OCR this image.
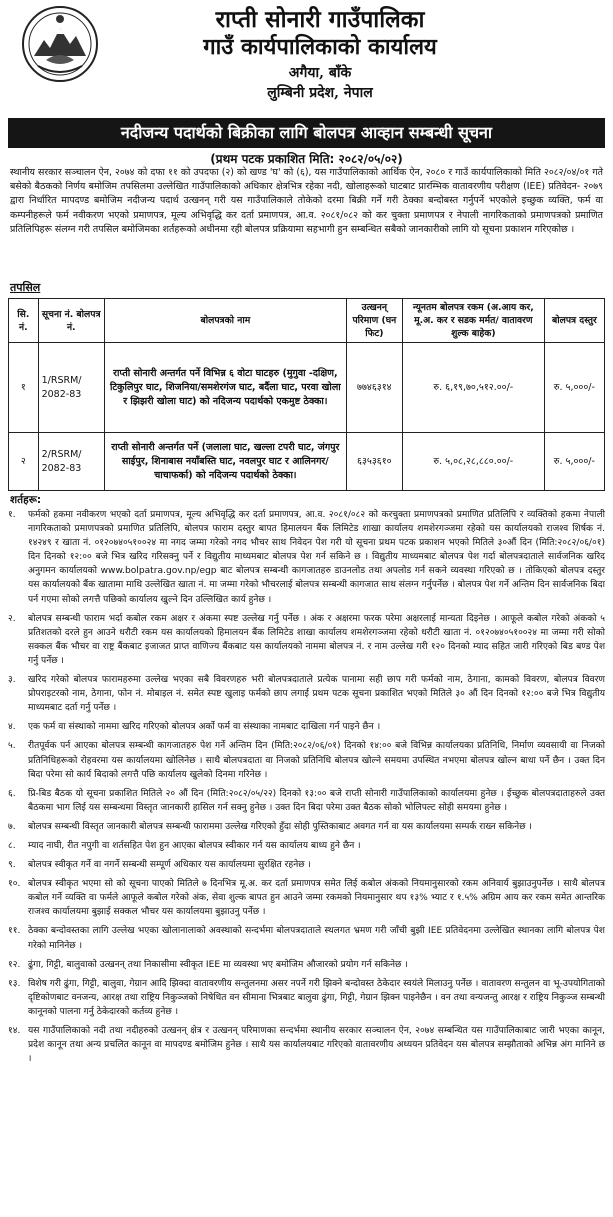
राप्ती सोनारी गाउँपालिका
गाउँ कार्यपालिकाको कार्यालय
अगैया, बाँके
लुम्बिनी प्रदेश, नेपाल
नदीजन्य पदार्थको बिक्रीका लागि बोलपत्र आव्हान सम्बन्धी सूचना
(प्रथम पटक प्रकाशित मिति: २०८२/०५/०२)
स्थानीय सरकार सञ्चालन ऐन, २०७४ को दफा ११ को उपदफा (२) को खण्ड 'घ' को (६), यस गाउँपालिकाको आर्थिक ऐन, २०८० र गाउँ कार्यपालिकाको मिति २०८२/०४/०१ गते बसेको बैठकको निर्णय बमोजिम तपसिलमा उल्लेखित गाउँपालिकाको अधिकार क्षेत्रभित्र रहेका नदी, खोलाहरूको घाटबाट प्रारम्भिक वातावरणीय परीक्षण (IEE) प्रतिवेदन- २०७९ द्वारा निर्धारित मापदण्ड बमोजिम नदीजन्य पदार्थ उत्खनन् गरी यस गाउँपालिकाले तोकेको दरमा बिक्री गर्ने गरी ठेक्का बन्दोबस्त गर्नुपर्ने भएकोले इच्छुक व्यक्ति, फर्म वा कम्पनीहरूले फर्म नवीकरण भएको प्रमाणपत्र, मूल्य अभिवृद्धि कर दर्ता प्रमाणपत्र, आ.व. २०८१/०८२ को कर चुक्ता प्रमाणपत्र र नेपाली नागरिकताको प्रमाणपत्रको प्रमाणित प्रतिलिपिहरू संलग्न गरी तपसिल बमोजिमका शर्तहरूको अधीनमा रही बोलपत्र प्रक्रियामा सहभागी हुन सम्बन्धित सबैको जानकारीको लागि यो सूचना प्रकाशन गरिएकोछ ।
तपसिल
सि. नं.	सूचना नं. बोलपत्र नं.	बोलपत्रको नाम	उत्खनन् परिमाण (घन फिट)	न्यूनतम बोलपत्र रकम (अ.आय कर, मू.अ. कर र सडक मर्मत/ वातावरण शुल्क बाहेक)	बोलपत्र दस्तुर
१	1/RSRM/ 2082-83	राप्ती सोनारी अन्तर्गत पर्ने विभिन्न ६ वोटा घाटहरु (मुगुवा -दक्षिण, टिकुलिपुर घाट, शिजनिया/समशेरगंज घाट, बर्दैला घाट, परवा खोला र झिझरी खोला घाट) को नदिजन्य पदार्थको एकमुष्ट ठेक्का।	७७४६३१४	रु. ६,१९,७०,५१२.००/-	रु. ५,०००/-
२	2/RSRM/ 2082-83	राप्ती सोनारी अन्तर्गत पर्ने (जलाला घाट, खल्ला टपरी घाट, जंगपुर साईपुर, शिनाबास नयाँबस्ति घाट, नवलपुर घाट र आलिनगर/ चाचाफर्का) को नदिजन्य पदार्थको ठेक्का।	६३५३६१०	रु. ५,०८,२८,८८०.००/-	रु. ५,०००/-
शर्तहरू:
१.	फर्मको हकमा नवीकरण भएको दर्ता प्रमाणपत्र, मूल्य अभिवृद्धि कर दर्ता प्रमाणपत्र, आ.व. २०८१/०८२ को करचुक्ता प्रमाणपत्रको प्रमाणित प्रतिलिपि र व्यक्तिको हकमा नेपाली नागरिकताको प्रमाणपत्रको प्रमाणित प्रतिलिपि, बोलपत्र फाराम दस्तुर बापत हिमालयन बैंक लिमिटेड शाखा कार्यालय शमशेरगञ्जमा रहेको यस कार्यालयको राजश्व शिर्षक नं. १४२४९ र खाता नं. ०१२०७४०५१००२४ मा नगद जम्मा गरेको नगद भौचर साथ निवेदन पेश गरी यो सूचना प्रथम पटक प्रकाशन भएको मितिले ३०औं दिन (मिति:२०८२/०६/०१) दिन दिनको १२:०० बजे भित्र खरिद गरिसक्नु पर्ने र विद्युतीय माध्यमबाट बोलपत्र पेश गर्न सकिने छ । विद्युतीय माध्यमबाट बोलपत्र पेश गर्दा बोलपत्रदाताले सार्वजनिक खरिद अनुगमन कार्यालयको www.bolpatra.gov.np/egp बाट बोलपत्र सम्बन्धी कागजातहरु डाउनलोड तथा अपलोड गर्न सकने व्यवस्था गरिएको छ । तोकिएको बोलपत्र दस्तुर यस कार्यालयको बैंक खातामा माथि उल्लेखित खाता नं. मा जम्मा गरेको भौचरलाई बोलपत्र सम्बन्धी कागजात साथ संलग्न गर्नुपर्नेछ । बोलपत्र पेश गर्ने अन्तिम दिन सार्वजनिक बिदा पर्न गएमा सोको लगत्तै पछिको कार्यालय खुल्ने दिन उल्लिखित कार्य हुनेछ ।
२.	बोलपत्र सम्बन्धी फाराम भर्दा कबोल रकम अक्षर र अंकमा स्पष्ट उल्लेख गर्नु पर्नेछ । अंक र अक्षरमा फरक परेमा अक्षरलाई मान्यता दिइनेछ । आफूले कबोल गरेको अंकको ५ प्रतिशतको दरले हुन आउने धरौटी रकम यस कार्यालयको हिमालयन बैंक लिमिटेड शाखा कार्यालय शमशेरगञ्जमा रहेको धरौटी खाता नं. ०१२०७४०५१००२४ मा जम्मा गरी सोको सक्कल बैंक भौचर वा राष्ट्र बैंकबाट इजाजत प्राप्त वाणिज्य बैंकबाट यस कार्यालयको नाममा बोलपत्र नं. र नाम उल्लेख गरी १२० दिनको म्याद सहित जारी गरिएको बिड बण्ड पेश गर्नु पर्नेछ ।
३.	खरिद गरेको बोलपत्र फारामहरुमा उल्लेख भएका सबै विवरणहरु भरी बोलपत्रदाताले प्रत्येक पानामा सही छाप गरी फर्मको नाम, ठेगाना, कामको विवरण, बोलपत्र विवरण प्रोपराइटरको नाम, ठेगाना, फोन नं. मोबाइल नं. समेत स्पष्ट खुलाइ फर्मको छाप लगाई प्रथम पटक सूचना प्रकाशित भएको मितिले ३० औं दिन दिनको १२:०० बजे भित्र विद्युतीय माध्यमबाट दर्ता गर्नु पर्नेछ ।
४.	एक फर्म वा संस्थाको नाममा खरिद गरिएको बोलपत्र अर्को फर्म वा संस्थाका नामबाट दाखिला गर्न पाइने छैन ।
५.	रीतपूर्वक पर्न आएका बोलपत्र सम्बन्धी कागजातहरु पेश गर्ने अन्तिम दिन (मिति:२०८२/०६/०१) दिनको १४:०० बजे विभिन्न कार्यालयका प्रतिनिधि, निर्माण व्यवसायी वा निजको प्रतिनिधिहरूको रोहवरमा यस कार्यालयमा खोलिनेछ । साथै बोलपत्रदाता वा निजको प्रतिनिधि बोलपत्र खोल्ने समयमा उपस्थित नभएमा बोलपत्र खोल्न बाधा पर्ने छैन । उक्त दिन बिदा परेमा सो कार्य बिदाको लगत्तै पछि कार्यालय खुलेको दिनमा गरिनेछ ।
६.	प्रि-बिड बैठक यो सूचना प्रकाशित मितिले २० औं दिन (मिति:२०८२/०५/२२) दिनको १३:०० बजे राप्ती सोनारी गाउँपालिकाको कार्यालयमा हुनेछ । ईच्छुक बोलपत्रदाताहरुले उक्त बैठकमा भाग लिई यस सम्बन्धमा विस्तृत जानकारी हासिल गर्न सक्नु हुनेछ । उक्त दिन बिदा परेमा उक्त बैठक सोको भोलिपल्ट सोही समयमा हुनेछ ।
७.	बोलपत्र सम्बन्धी विस्तृत जानकारी बोलपत्र सम्बन्धी फाराममा उल्लेख गरिएको हुँदा सोही पुस्तिकाबाट अवगत गर्न वा यस कार्यालयमा सम्पर्क राख्न सकिनेछ ।
८.	म्याद नाघी, रीत नपुगी वा शर्तसहित पेश हुन आएका बोलपत्र स्वीकार गर्न यस कार्यालय बाध्य हुने छैन ।
९.	बोलपत्र स्वीकृत गर्ने वा नगर्ने सम्बन्धी सम्पूर्ण अधिकार यस कार्यालयमा सुरक्षित रहनेछ ।
१०. बोलपत्र स्वीकृत भएमा सो को सूचना पाएको मितिले ७ दिनभित्र मू.अ. कर दर्ता प्रमाणपत्र समेत लिई कबोल अंकको नियमानुसारको रकम अनिवार्य बुझाउनुपर्नेछ । साथै बोलपत्र कबोल गर्ने व्यक्ति वा फर्मले आफूले कबोल गरेको अंक, सेवा शुल्क बापत हुन आउने जम्मा रकमको नियमानुसार थप १३% भ्याट र १.५% अग्रिम आय कर रकम समेत आन्तरिक राजश्व कार्यालयमा बुझाई सक्कल भौचर यस कार्यालयमा बुझाउनु पर्नेछ ।
११. ठेक्का बन्दोवस्तका लागि उल्लेख भएका खोलानालाको अवस्थाको सन्दर्भमा बोलपत्रदाताले स्थलगत भ्रमण गरी जाँची बुझी IEE प्रतिवेदनमा उल्लेखित स्थानका लागि बोलपत्र पेश गरेको मानिनेछ ।
१२. ढुंगा, गिट्टी, बालुवाको उत्खनन् तथा निकासीमा स्वीकृत IEE मा व्यवस्था भए बमोजिम औजारको प्रयोग गर्न सकिनेछ ।
१३. विशेष गरी ढुंगा, गिट्टी, बालुवा, गेग्रान आदि झिक्दा वातावरणीय सन्तुलनमा असर नपर्ने गरी झिक्ने बन्दोवस्त ठेकेदार स्वयंले मिलाउनु पर्नेछ । वातावरण सन्तुलन वा भू-उपयोगिताको दृष्टिकोणबाट वनजन्य, आरक्ष तथा राष्ट्रिय निकुञ्जको निषेधित वन सीमाना भित्रबाट बालुवा ढुंगा, गिट्टी, गेग्रान झिक्न पाइनेछैन । वन तथा वन्यजन्तु आरक्ष र राष्ट्रिय निकुञ्ज सम्बन्धी कानूनको पालना गर्नु ठेकेदारको कर्तव्य हुनेछ ।
१४. यस गाउँपालिकाको नदी तथा नदीहरुको उत्खनन् क्षेत्र र उत्खनन् परिमाणका सन्दर्भमा स्थानीय सरकार सञ्चालन ऐन, २०७४ सम्बन्धित यस गाउँपालिकाबाट जारी भएका कानून, प्रदेश कानून तथा अन्य प्रचलित कानून वा मापदण्ड बमोजिम हुनेछ । साथै यस कार्यालयबाट गरिएको वातावरणीय अध्ययन प्रतिवेदन यस बोलपत्र सम्झौताको अभिन्न अंग मानिने छ ।
